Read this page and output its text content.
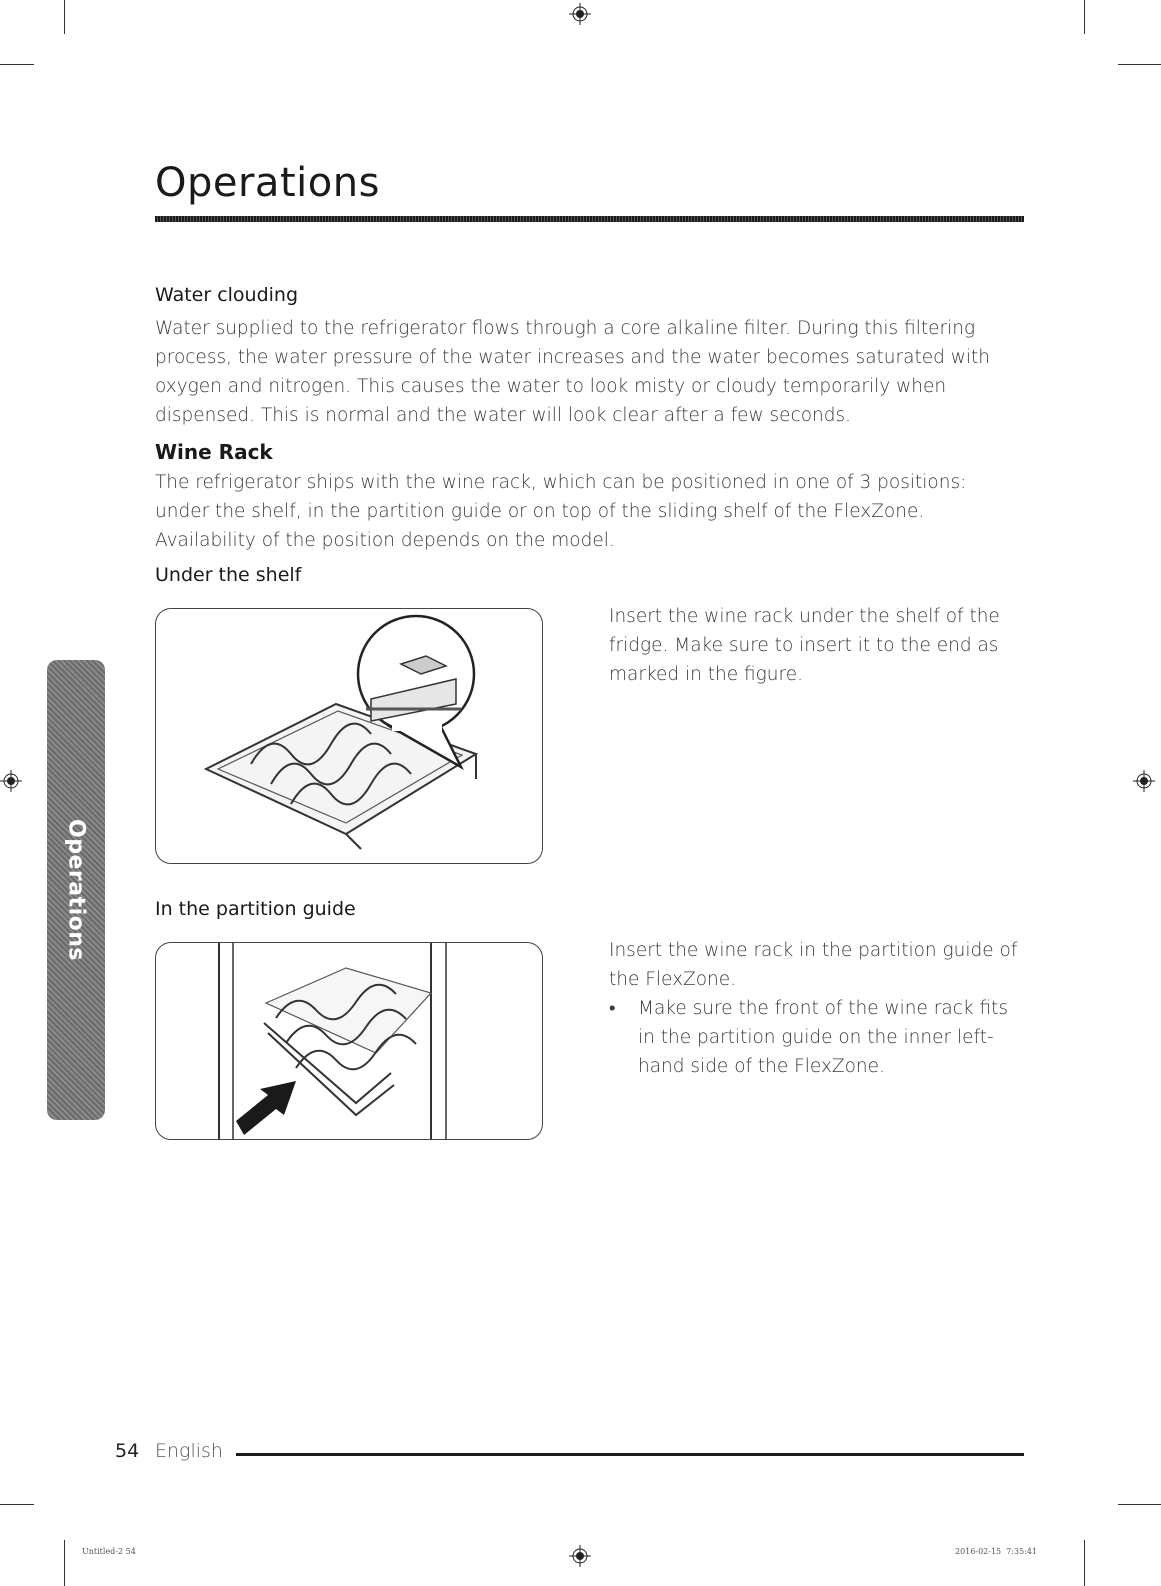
Operations
Operations
Water clouding

Water supplied to the refrigerator flows through a core alkaline filter. During this filtering process, the water pressure of the water increases and the water becomes saturated with oxygen and nitrogen. This causes the water to look misty or cloudy temporarily when dispensed. This is normal and the water will look clear after a few seconds.

Wine Rack

The refrigerator ships with the wine rack, which can be positioned in one of 3 positions: under the shelf, in the partition guide or on top of the sliding shelf of the FlexZone. Availability of the position depends on the model.

Under the shelf

Insert the wine rack under the shelf of the fridge. Make sure to insert it to the end as marked in the figure.

In the partition guide

Insert the wine rack in the partition guide of the FlexZone.

•	Make sure the front of the wine rack fits in the partition guide on the inner left-hand side of the FlexZone.
54 English
Untitled-2 54	2016-02-15 ￼ 7:35:41
